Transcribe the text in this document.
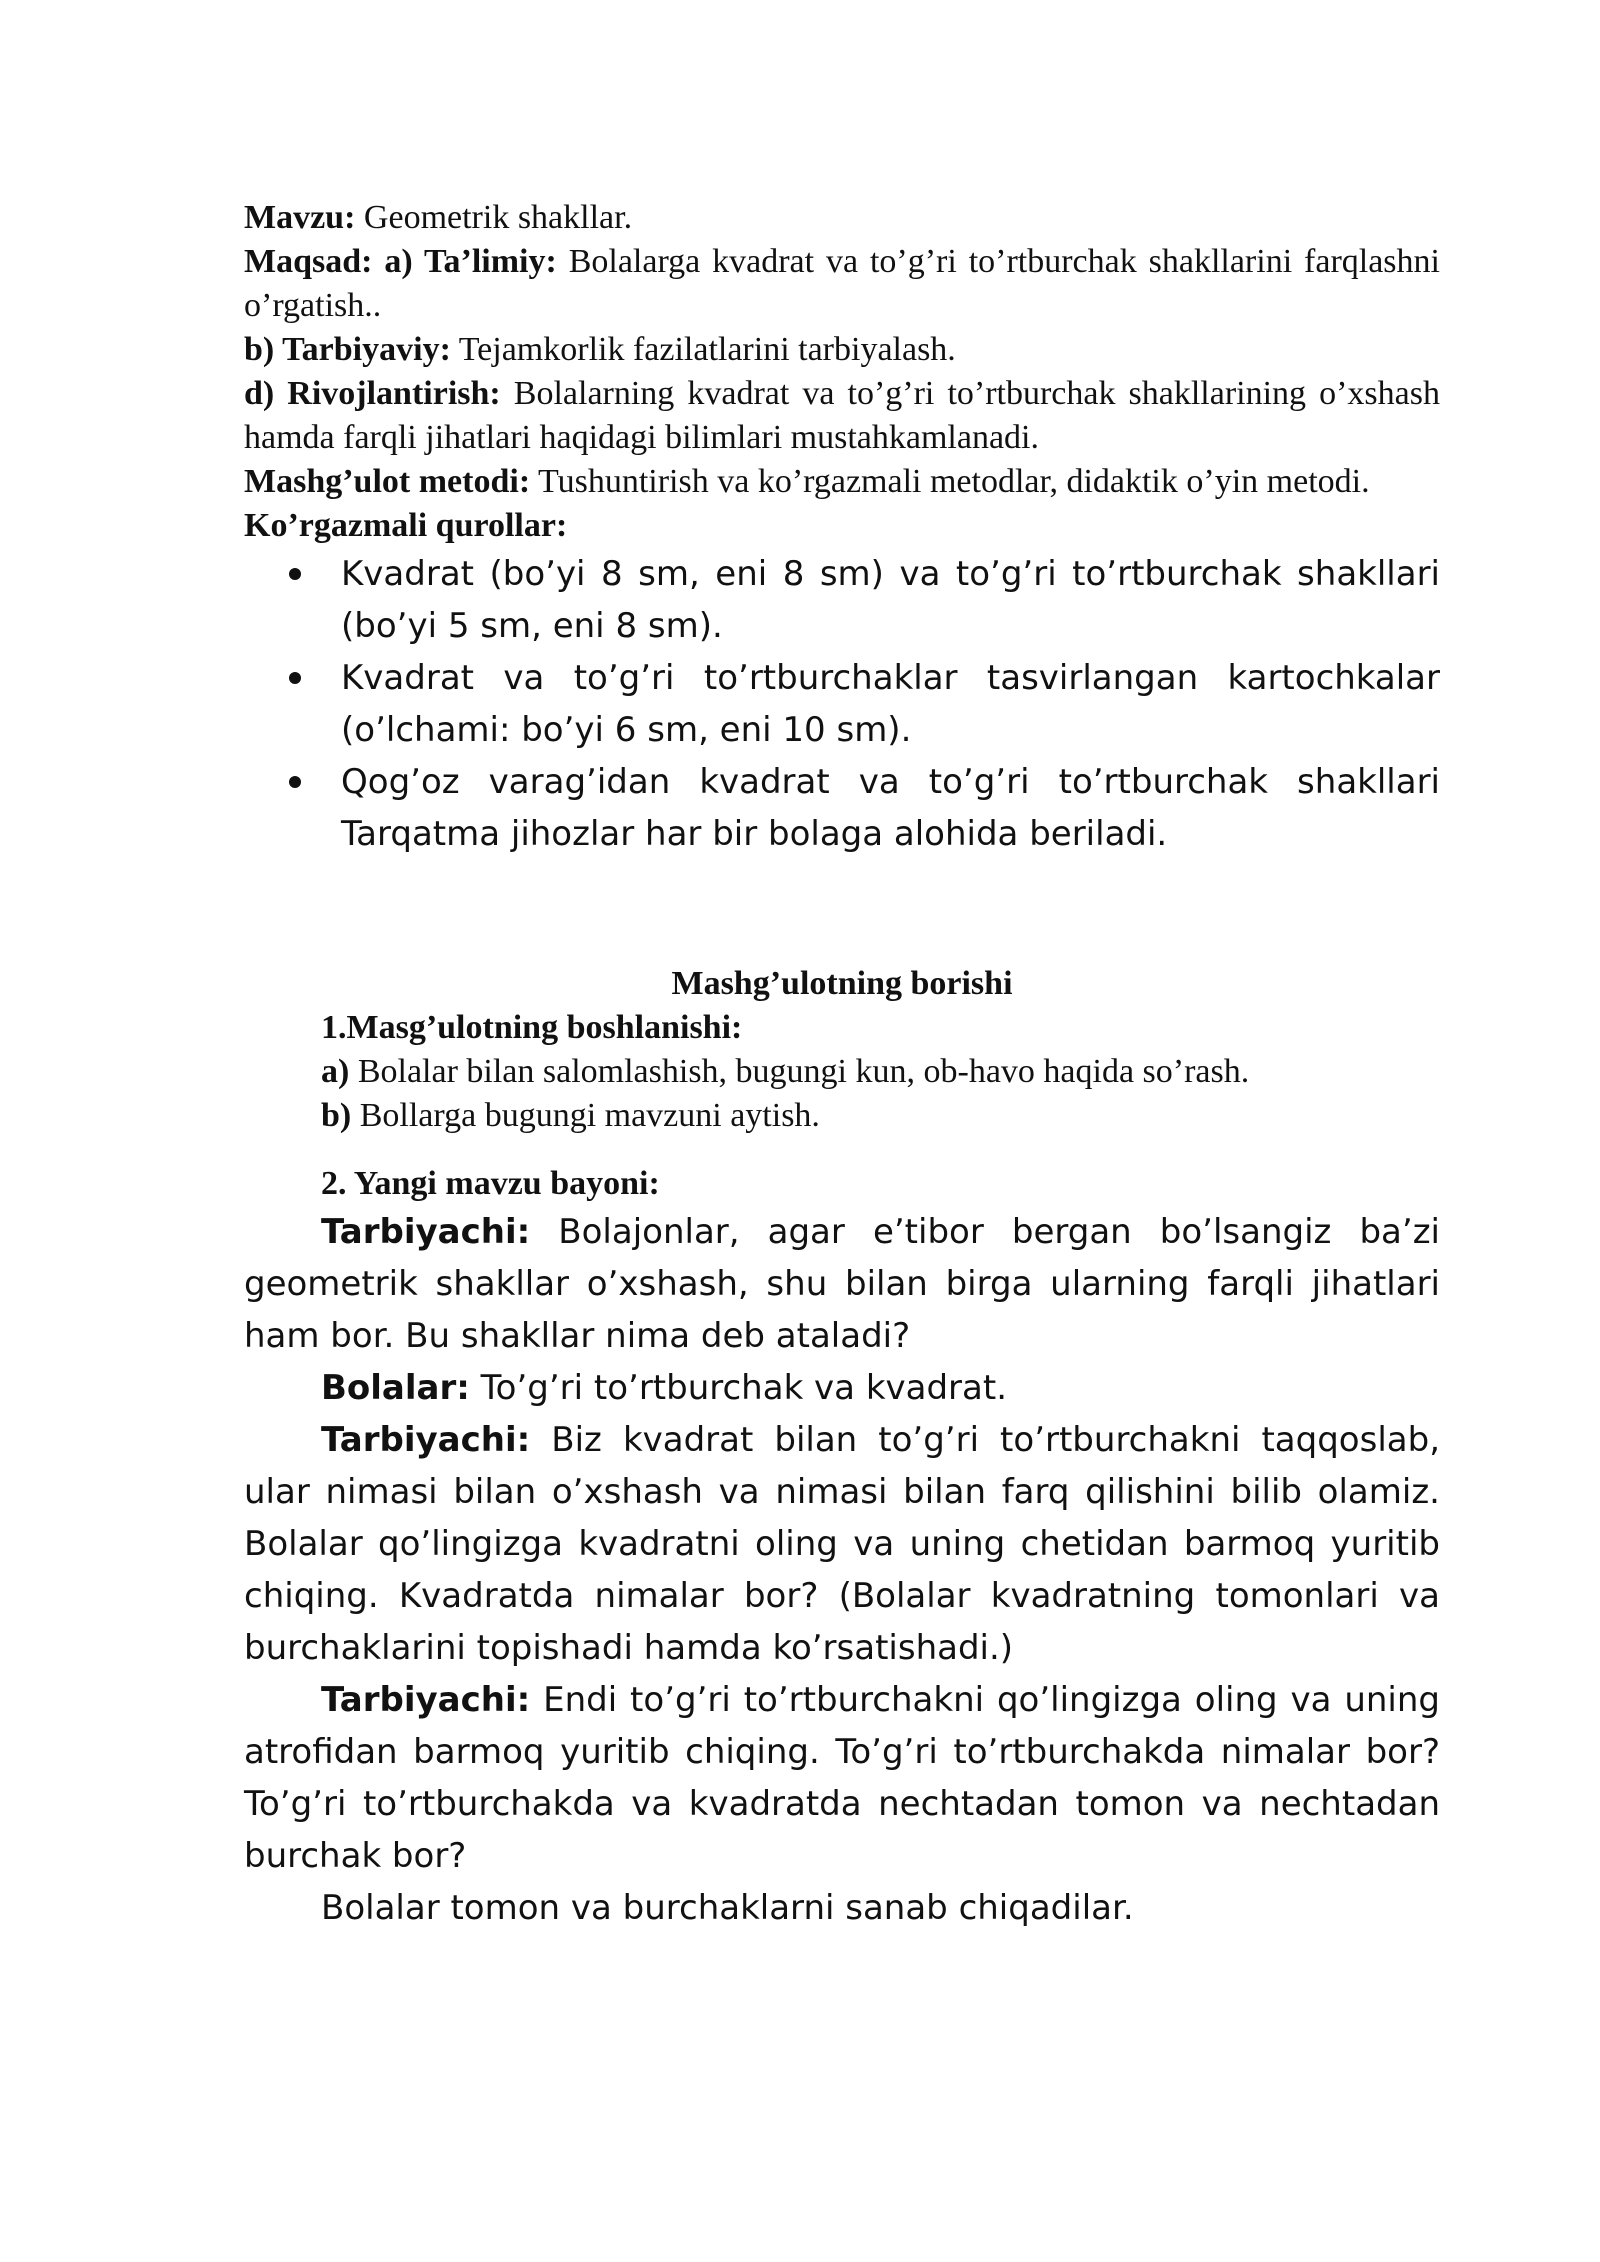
Mavzu: Geometrik shakllar.

Maqsad: a) Ta’limiy: Bolalarga kvadrat va to’g’ri to’rtburchak shakllarini farqlashni o’rgatish..

b) Tarbiyaviy: Tejamkorlik fazilatlarini tarbiyalash.

d) Rivojlantirish: Bolalarning kvadrat va to’g’ri to’rtburchak shakllarining o’xshash hamda farqli jihatlari haqidagi bilimlari mustahkamlanadi.

Mashg’ulot metodi: Tushuntirish va ko’rgazmali metodlar, didaktik o’yin metodi.

Ko’rgazmali qurollar:

Kvadrat (bo’yi 8 sm, eni 8 sm) va to’g’ri to’rtburchak shakllari (bo’yi 5 sm, eni 8 sm).
Kvadrat va to’g’ri to’rtburchaklar tasvirlangan kartochkalar (o’lchami: bo’yi 6 sm, eni 10 sm).
Qog’oz varag’idan kvadrat va to’g’ri to’rtburchak shakllari Tarqatma jihozlar har bir bolaga alohida beriladi.

Mashg’ulotning borishi

1.Masg’ulotning boshlanishi:

a) Bolalar bilan salomlashish, bugungi kun, ob-havo haqida so’rash.

b) Bollarga bugungi mavzuni aytish.

2. Yangi mavzu bayoni:

Tarbiyachi: Bolajonlar, agar e’tibor bergan bo’lsangiz ba’zi geometrik shakllar o’xshash, shu bilan birga ularning farqli jihatlari ham bor. Bu shakllar nima deb ataladi?

Bolalar: To’g’ri to’rtburchak va kvadrat.

Tarbiyachi: Biz kvadrat bilan to’g’ri to’rtburchakni taqqoslab, ular nimasi bilan o’xshash va nimasi bilan farq qilishini bilib olamiz. Bolalar qo’lingizga kvadratni oling va uning chetidan barmoq yuritib chiqing. Kvadratda nimalar bor? (Bolalar kvadratning tomonlari va burchaklarini topishadi hamda ko’rsatishadi.)

Tarbiyachi: Endi to’g’ri to’rtburchakni qo’lingizga oling va uning atrofidan barmoq yuritib chiqing. To’g’ri to’rtburchakda nimalar bor? To’g’ri to’rtburchakda va kvadratda nechtadan tomon va nechtadan burchak bor?

Bolalar tomon va burchaklarni sanab chiqadilar.
